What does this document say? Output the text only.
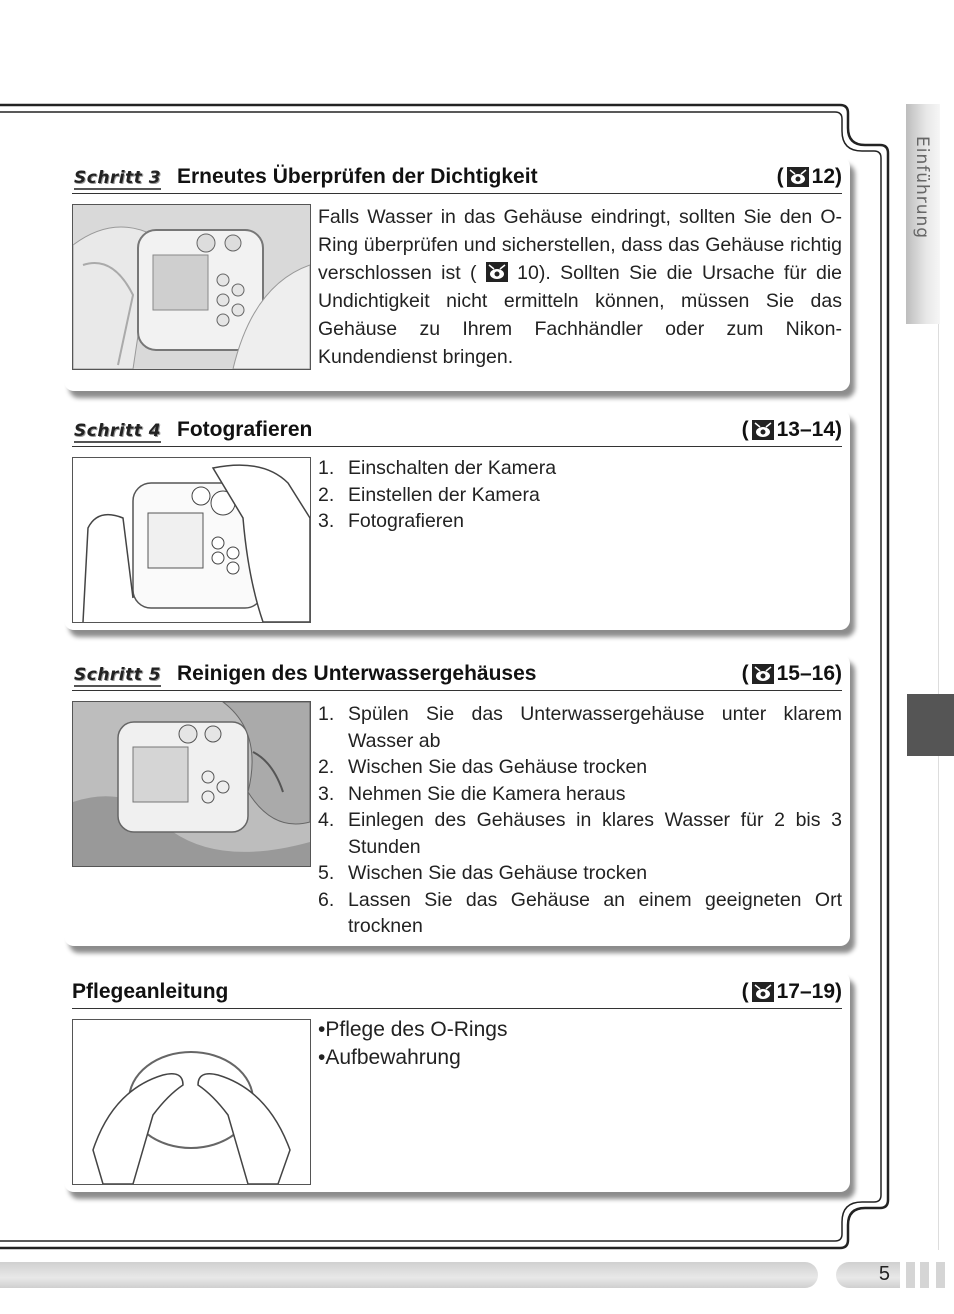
Einführung
Schritt 3 Erneutes Überprüfen der Dichtigkeit	( 12)
Falls Wasser in das Gehäuse eindringt, sollten Sie den O-Ring überprüfen und sicherstellen, dass das Gehäuse richtig verschlossen ist ( 10). Sollten Sie die Ursache für die Undichtigkeit nicht ermitteln können, müssen Sie das Gehäuse zu Ihrem Fachhändler oder zum Nikon-Kundendienst bringen.
Schritt 4 Fotografieren	( 13–14)
1. Einschalten der Kamera
2. Einstellen der Kamera
3. Fotografieren
Schritt 5 Reinigen des Unterwassergehäuses	( 15–16)
1. Spülen Sie das Unterwassergehäuse unter klarem Wasser ab
2. Wischen Sie das Gehäuse trocken
3. Nehmen Sie die Kamera heraus
4. Einlegen des Gehäuses in klares Wasser für 2 bis 3 Stunden
5. Wischen Sie das Gehäuse trocken
6. Lassen Sie das Gehäuse an einem geeigneten Ort trocknen
Pflegeanleitung	( 17–19)
•Pflege des O-Rings
•Aufbewahrung
5
